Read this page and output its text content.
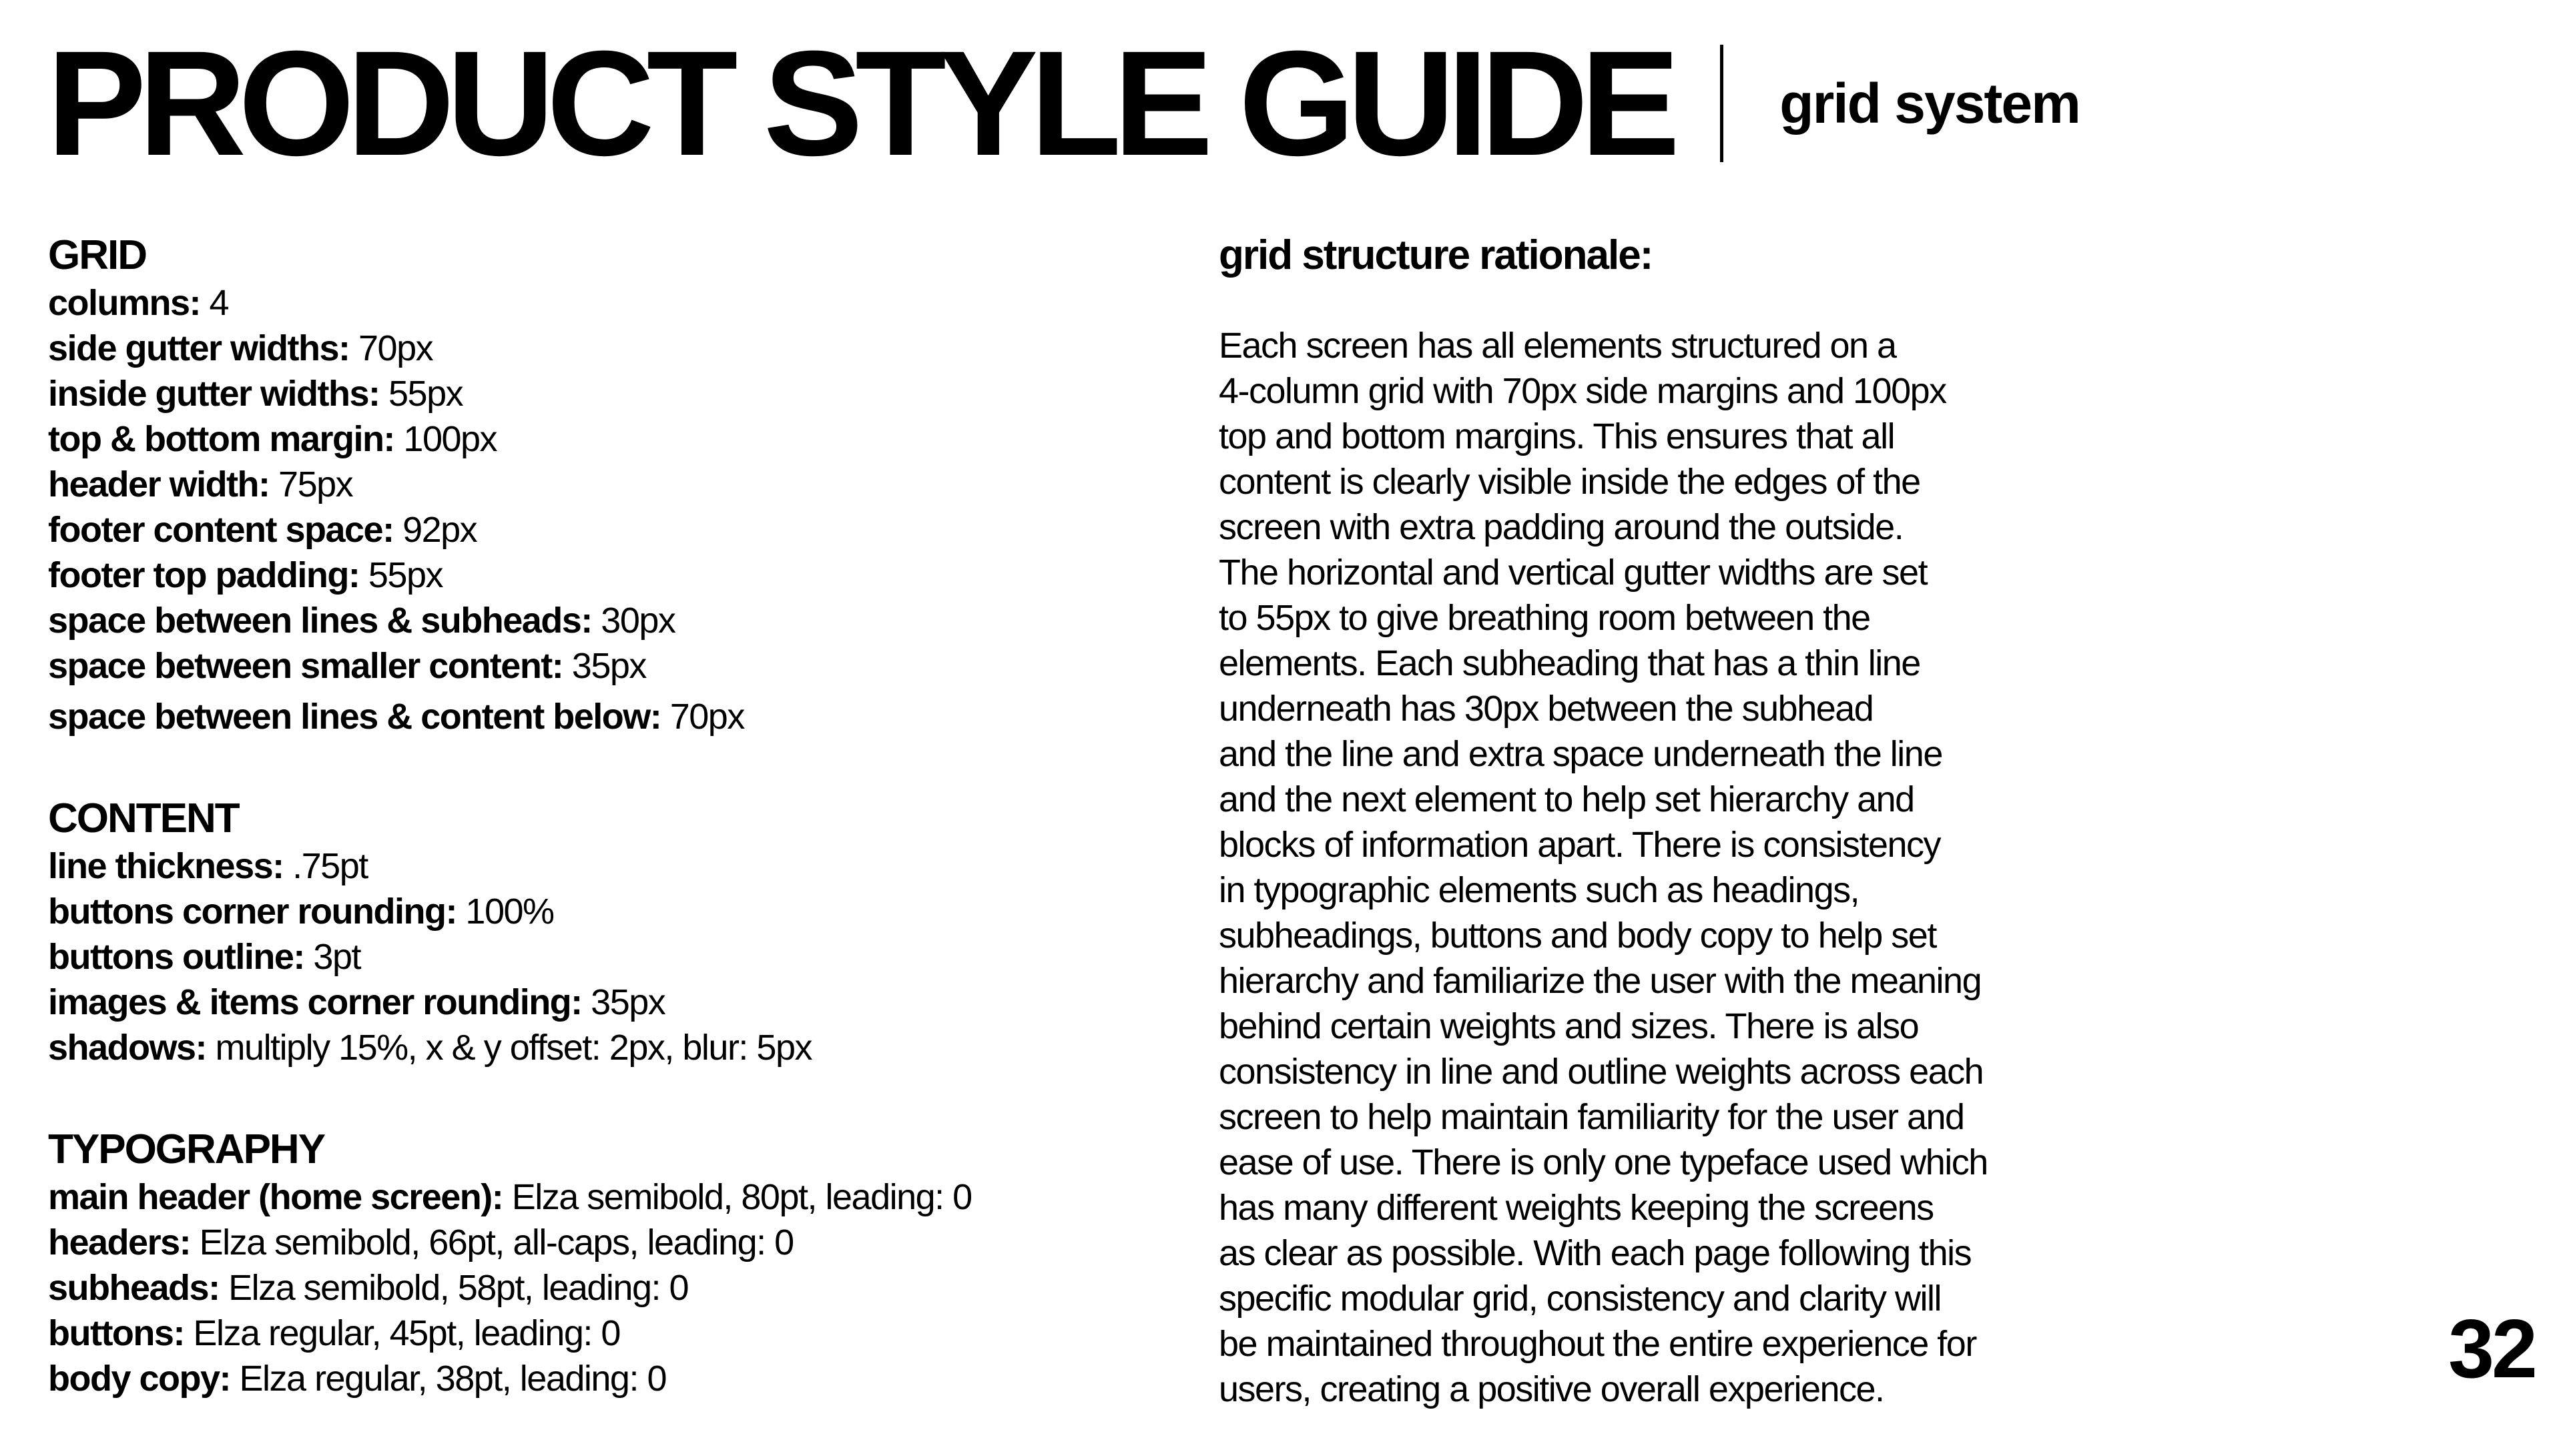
PRODUCT STYLE GUIDE grid system
GRID
columns: 4
side gutter widths: 70px
inside gutter widths: 55px
top & bottom margin: 100px
header width: 75px
footer content space: 92px
footer top padding: 55px
space between lines & subheads: 30px
space between smaller content: 35px
space between lines & content below: 70px
CONTENT
line thickness: .75pt
buttons corner rounding: 100%
buttons outline: 3pt
images & items corner rounding: 35px
shadows: multiply 15%, x & y offset: 2px, blur: 5px
TYPOGRAPHY
main header (home screen): Elza semibold, 80pt, leading: 0
headers: Elza semibold, 66pt, all-caps, leading: 0
subheads: Elza semibold, 58pt, leading: 0
buttons: Elza regular, 45pt, leading: 0
body copy: Elza regular, 38pt, leading: 0
grid structure rationale:
Each screen has all elements structured on a
4-column grid with 70px side margins and 100px
top and bottom margins. This ensures that all
content is clearly visible inside the edges of the
screen with extra padding around the outside.
The horizontal and vertical gutter widths are set
to 55px to give breathing room between the
elements. Each subheading that has a thin line
underneath has 30px between the subhead
and the line and extra space underneath the line
and the next element to help set hierarchy and
blocks of information apart. There is consistency
in typographic elements such as headings,
subheadings, buttons and body copy to help set
hierarchy and familiarize the user with the meaning
behind certain weights and sizes. There is also
consistency in line and outline weights across each
screen to help maintain familiarity for the user and
ease of use. There is only one typeface used which
has many different weights keeping the screens
as clear as possible. With each page following this
specific modular grid, consistency and clarity will
be maintained throughout the entire experience for
users, creating a positive overall experience.	32
